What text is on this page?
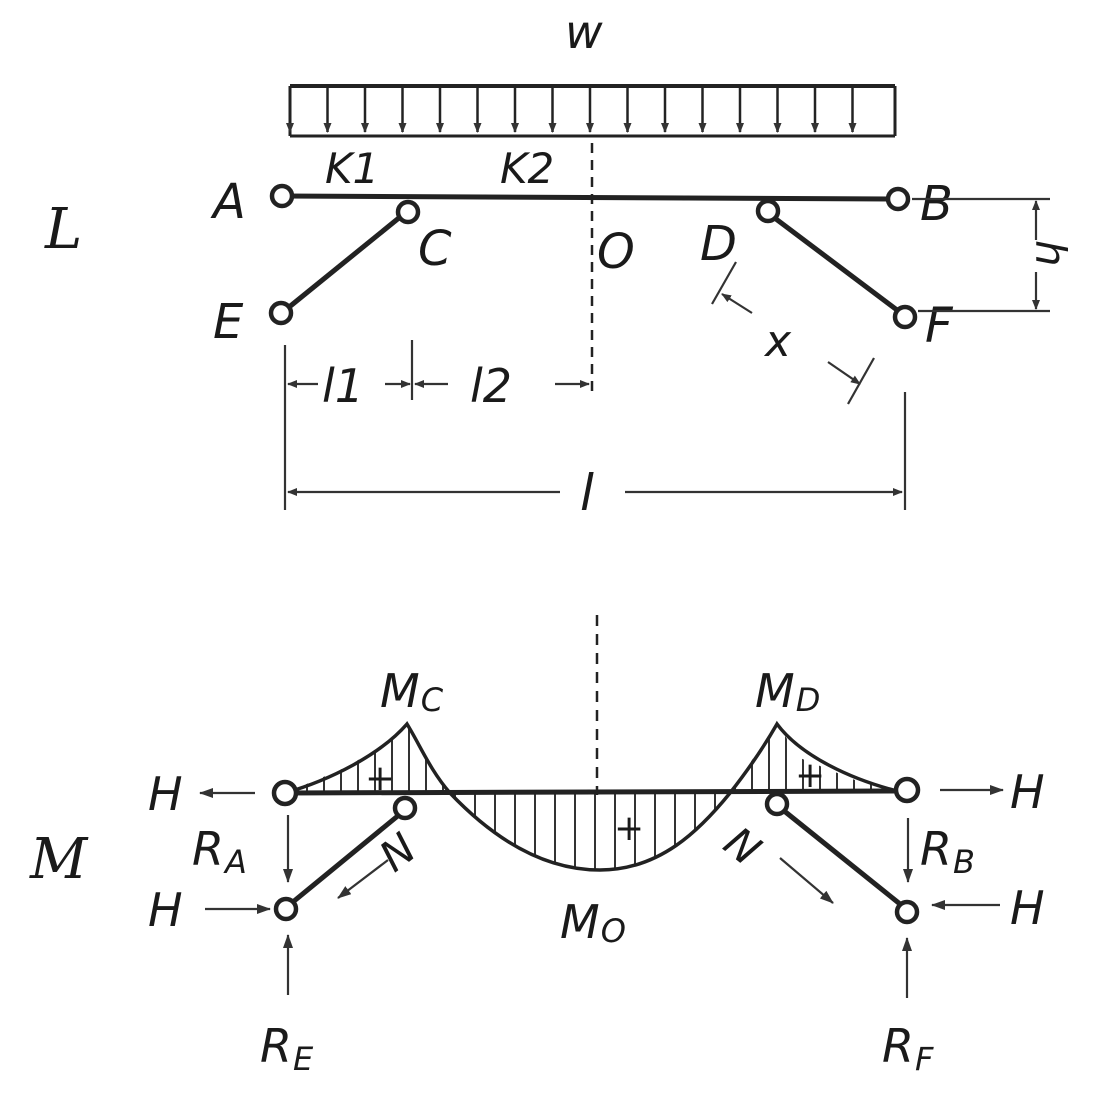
L
w
A	B
C	D
E	F
O
K1	K2
h
x
l1 l2
l
M
MC	MD
MO
+
+
+
H	H
H	H
RA	RB
RE	RF
N	N
